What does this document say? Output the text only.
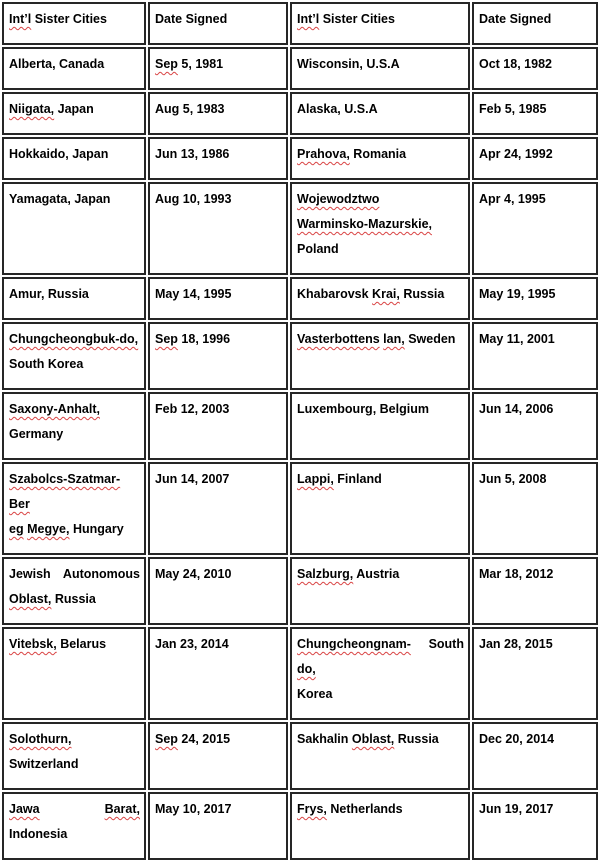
Int’l Sister Cities	Date Signed	Int’l Sister Cities	Date Signed

Alberta, Canada	Sep 5, 1981	Wisconsin, U.S.A	Oct 18, 1982

Niigata, Japan	Aug 5, 1983	Alaska, U.S.A	Feb 5, 1985

Hokkaido, Japan	Jun 13, 1986	Prahova, Romania	Apr 24, 1992

Yamagata, Japan	Aug 10, 1993	Wojewodztwo
Warminsko-Mazurskie,
Poland	Apr 4, 1995

Amur, Russia	May 14, 1995	Khabarovsk Krai, Russia	May 19, 1995

Chungcheongbuk-do,
South Korea	Sep 18, 1996	Vasterbottens lan, Sweden	May 11, 2001

Saxony-Anhalt,
Germany	Feb 12, 2003	Luxembourg, Belgium	Jun 14, 2006

Szabolcs-Szatmar-Ber
eg Megye, Hungary	Jun 14, 2007	Lappi, Finland	Jun 5, 2008

Jewish Autonomous
Oblast, Russia	May 24, 2010	Salzburg, Austria	Mar 18, 2012

Vitebsk, Belarus	Jan 23, 2014	Chungcheongnam-do,
South
Korea	Jan 28, 2015

Solothurn,
Switzerland	Sep 24, 2015	Sakhalin Oblast, Russia	Dec 20, 2014

Jawa Barat,
Indonesia	May 10, 2017	Frys, Netherlands	Jun 19, 2017
